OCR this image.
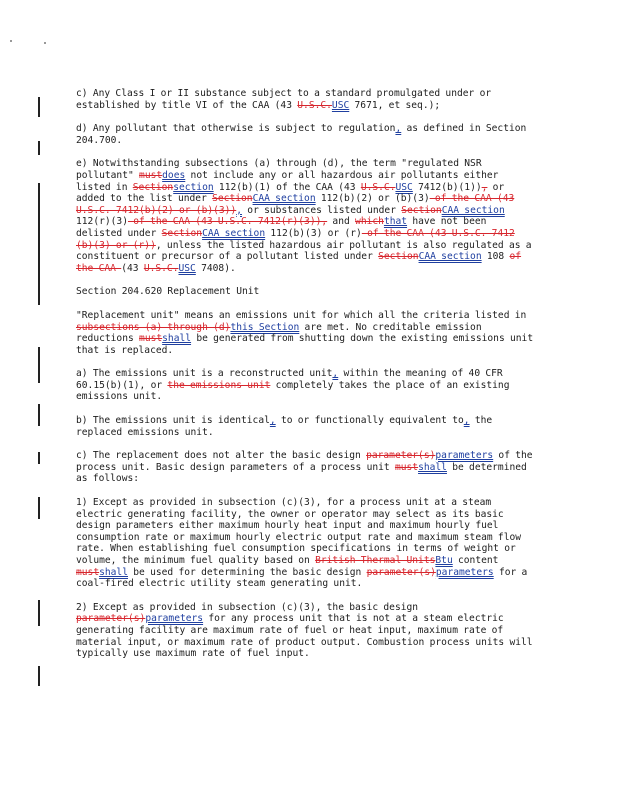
c) Any Class I or II substance subject to a standard promulgated under or established by title VI of the CAA (43 U.S.C.USC 7671, et seq.);

d) Any pollutant that otherwise is subject to regulation, as defined in Section 204.700.

e) Notwithstanding subsections (a) through (d), the term "regulated NSR pollutant" mustdoes not include any or all hazardous air pollutants either listed in Sectionsection 112(b)(1) of the CAA (43 U.S.C.USC 7412(b)(1)), or added to the list under SectionCAA section 112(b)(2) or (b)(3) of the CAA (43 U.S.C. 7412(b)(2) or (b)(3)), or substances listed under SectionCAA section 112(r)(3) of the CAA (43 U.S.C. 7412(r)(3)), and whichthat have not been delisted under SectionCAA section 112(b)(3) or (r) of the CAA (43 U.S.C. 7412 (b)(3) or (r)), unless the listed hazardous air pollutant is also regulated as a constituent or precursor of a pollutant listed under SectionCAA section 108 of the CAA (43 U.S.C.USC 7408).

Section 204.620 Replacement Unit

"Replacement unit" means an emissions unit for which all the criteria listed in subsections (a) through (d)this Section are met. No creditable emission reductions mustshall be generated from shutting down the existing emissions unit that is replaced.

a) The emissions unit is a reconstructed unit, within the meaning of 40 CFR 60.15(b)(1), or the emissions unit completely takes the place of an existing emissions unit.

b) The emissions unit is identical, to or functionally equivalent to, the replaced emissions unit.

c) The replacement does not alter the basic design parameter(s)parameters of the process unit. Basic design parameters of a process unit mustshall be determined as follows:

1) Except as provided in subsection (c)(3), for a process unit at a steam electric generating facility, the owner or operator may select as its basic design parameters either maximum hourly heat input and maximum hourly fuel consumption rate or maximum hourly electric output rate and maximum steam flow rate. When establishing fuel consumption specifications in terms of weight or volume, the minimum fuel quality based on British Thermal UnitsBtu content mustshall be used for determining the basic design parameter(s)parameters for a coal-fired electric utility steam generating unit.

2) Except as provided in subsection (c)(3), the basic design parameter(s)parameters for any process unit that is not at a steam electric generating facility are maximum rate of fuel or heat input, maximum rate of material input, or maximum rate of product output. Combustion process units will typically use maximum rate of fuel input.
